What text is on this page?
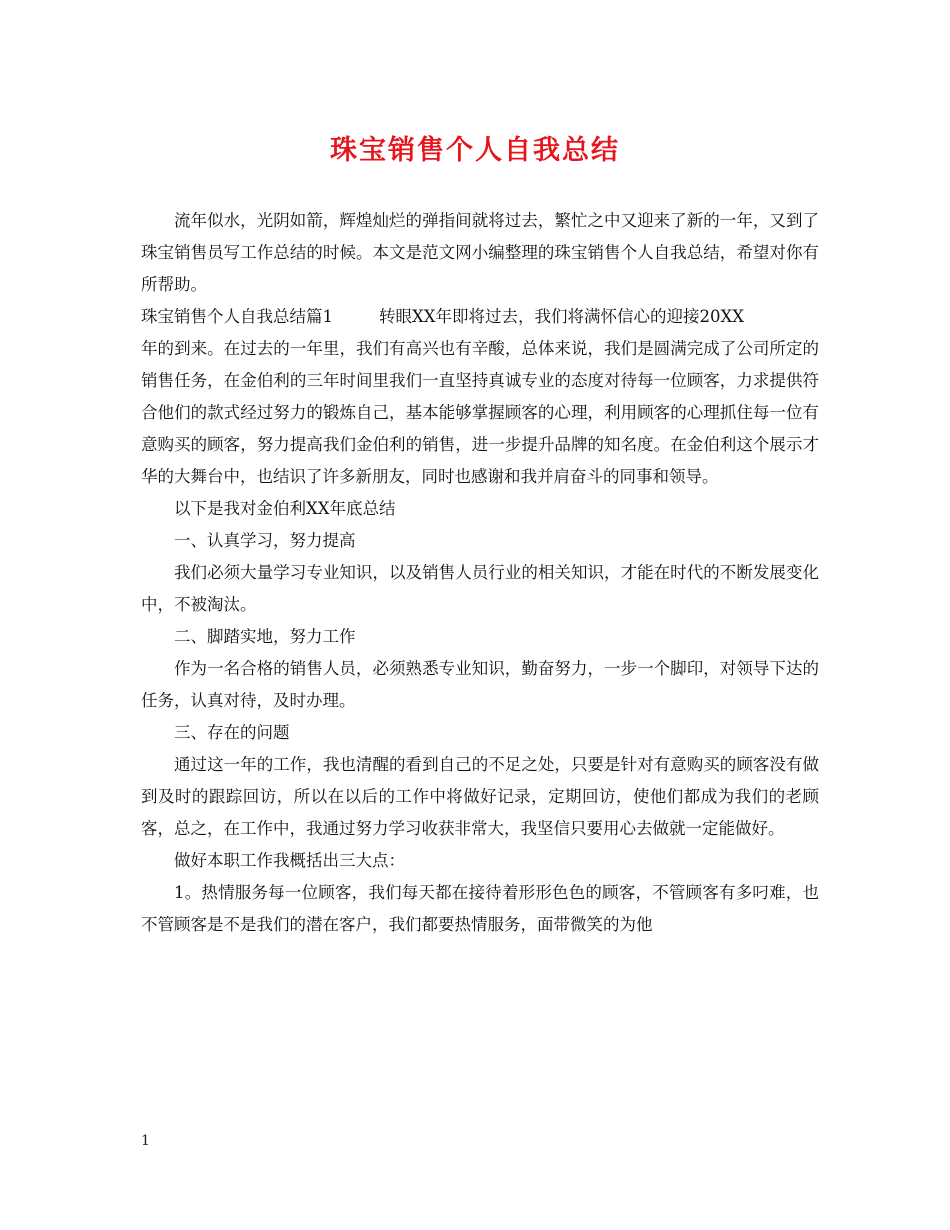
珠宝销售个人自我总结

流年似水，光阴如箭，辉煌灿烂的弹指间就将过去，繁忙之中又迎来了新的一年，又到了珠宝销售员写工作总结的时候。本文是范文网小编整理的珠宝销售个人自我总结，希望对你有所帮助。

珠宝销售个人自我总结篇1	转眼XX年即将过去，我们将满怀信心的迎接20XX

年的到来。在过去的一年里，我们有高兴也有辛酸，总体来说，我们是圆满完成了公司所定的销售任务，在金伯利的三年时间里我们一直坚持真诚专业的态度对待每一位顾客，力求提供符合他们的款式经过努力的锻炼自己，基本能够掌握顾客的心理，利用顾客的心理抓住每一位有意购买的顾客，努力提高我们金伯利的销售，进一步提升品牌的知名度。在金伯利这个展示才华的大舞台中，也结识了许多新朋友，同时也感谢和我并肩奋斗的同事和领导。

以下是我对金伯利XX年底总结

一、认真学习，努力提高

我们必须大量学习专业知识，以及销售人员行业的相关知识，才能在时代的不断发展变化中，不被淘汰。

二、脚踏实地，努力工作

作为一名合格的销售人员，必须熟悉专业知识，勤奋努力，一步一个脚印，对领导下达的任务，认真对待，及时办理。

三、存在的问题

通过这一年的工作，我也清醒的看到自己的不足之处，只要是针对有意购买的顾客没有做到及时的跟踪回访，所以在以后的工作中将做好记录，定期回访，使他们都成为我们的老顾客，总之，在工作中，我通过努力学习收获非常大，我坚信只要用心去做就一定能做好。

做好本职工作我概括出三大点：

1。热情服务每一位顾客，我们每天都在接待着形形色色的顾客，不管顾客有多叼难，也不管顾客是不是我们的潜在客户，我们都要热情服务，面带微笑的为他

1
